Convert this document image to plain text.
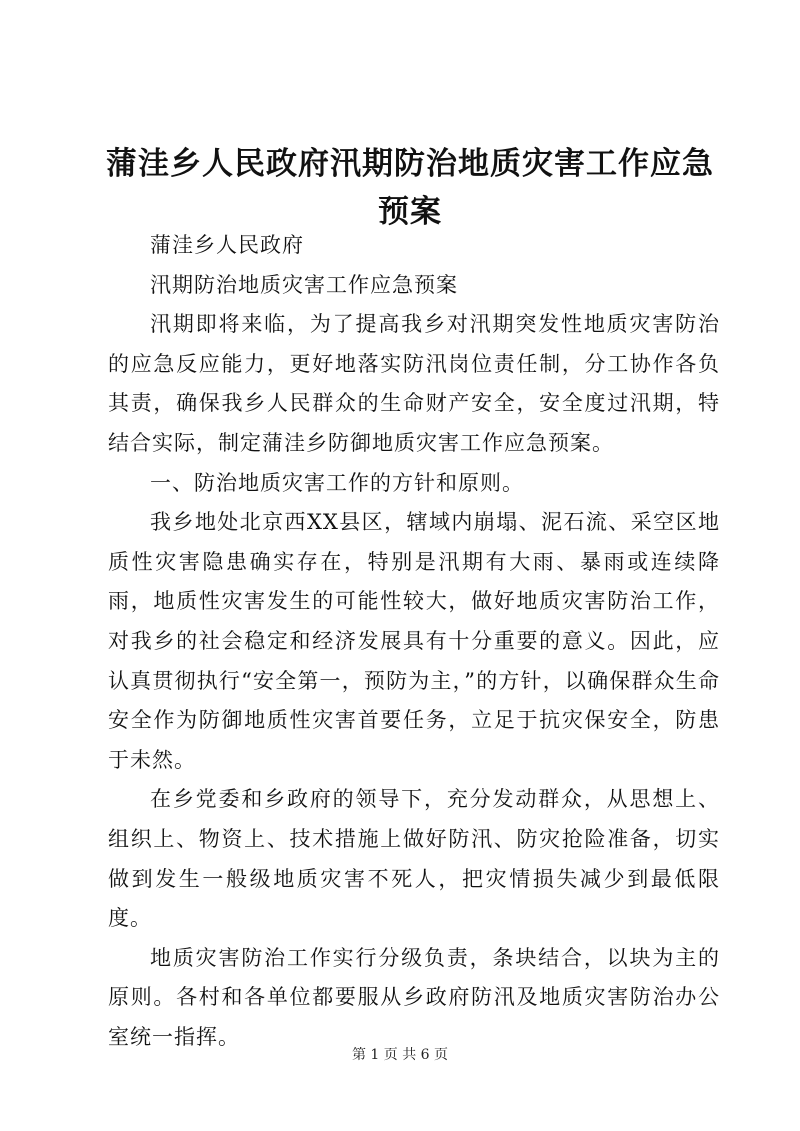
蒲洼乡人民政府汛期防治地质灾害工作应急预案

蒲洼乡人民政府

汛期防治地质灾害工作应急预案

汛期即将来临，为了提高我乡对汛期突发性地质灾害防治的应急反应能力，更好地落实防汛岗位责任制，分工协作各负其责，确保我乡人民群众的生命财产安全，安全度过汛期，特结合实际，制定蒲洼乡防御地质灾害工作应急预案。

一、防治地质灾害工作的方针和原则。

我乡地处北京西XX县区，辖域内崩塌、泥石流、采空区地质性灾害隐患确实存在，特别是汛期有大雨、暴雨或连续降雨，地质性灾害发生的可能性较大，做好地质灾害防治工作，对我乡的社会稳定和经济发展具有十分重要的意义。因此，应认真贯彻执行“安全第一，预防为主，”的方针，以确保群众生命安全作为防御地质性灾害首要任务，立足于抗灾保安全，防患于未然。

在乡党委和乡政府的领导下，充分发动群众，从思想上、组织上、物资上、技术措施上做好防汛、防灾抢险准备，切实做到发生一般级地质灾害不死人，把灾情损失减少到最低限度。

地质灾害防治工作实行分级负责，条块结合，以块为主的原则。各村和各单位都要服从乡政府防汛及地质灾害防治办公室统一指挥。

第 1 页 共 6 页
